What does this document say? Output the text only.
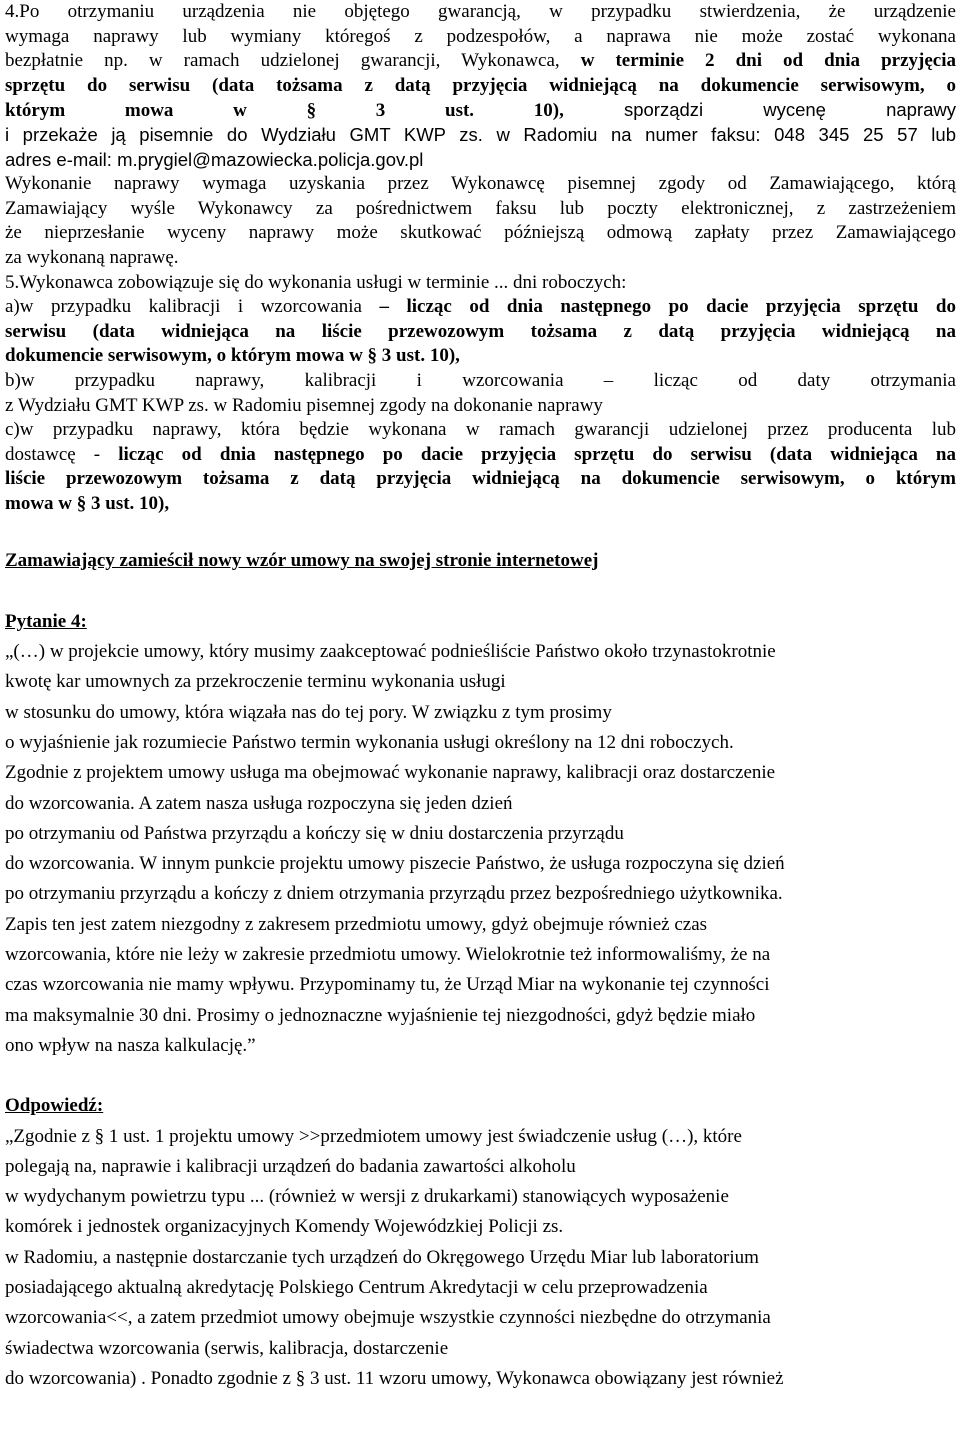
4.Po otrzymaniu urządzenia nie objętego gwarancją, w przypadku stwierdzenia, że urządzenie
wymaga naprawy lub wymiany któregoś z podzespołów, a naprawa nie może zostać wykonana
bezpłatnie np. w ramach udzielonej gwarancji, Wykonawca, w terminie 2 dni od dnia przyjęcia
sprzętu do serwisu (data tożsama z datą przyjęcia widniejącą na dokumencie serwisowym, o
którym mowa w § 3 ust. 10), sporządzi wycenę naprawy
i przekaże ją pisemnie do Wydziału GMT KWP zs. w Radomiu na numer faksu: 048 345 25 57 lub
adres e-mail: m.prygiel@mazowiecka.policja.gov.pl
Wykonanie naprawy wymaga uzyskania przez Wykonawcę pisemnej zgody od Zamawiającego, którą
Zamawiający wyśle Wykonawcy za pośrednictwem faksu lub poczty elektronicznej, z zastrzeżeniem
że nieprzesłanie wyceny naprawy może skutkować późniejszą odmową zapłaty przez Zamawiającego
za wykonaną naprawę.
5.Wykonawca zobowiązuje się do wykonania usługi w terminie ... dni roboczych:
a)w przypadku kalibracji i wzorcowania – licząc od dnia następnego po dacie przyjęcia sprzętu do
serwisu (data widniejąca na liście przewozowym tożsama z datą przyjęcia widniejącą na
dokumencie serwisowym, o którym mowa w § 3 ust. 10),
b)w przypadku naprawy, kalibracji i wzorcowania – licząc od daty otrzymania
z Wydziału GMT KWP zs. w Radomiu pisemnej zgody na dokonanie naprawy
c)w przypadku naprawy, która będzie wykonana w ramach gwarancji udzielonej przez producenta lub
dostawcę - licząc od dnia następnego po dacie przyjęcia sprzętu do serwisu (data widniejąca na
liście przewozowym tożsama z datą przyjęcia widniejącą na dokumencie serwisowym, o którym
mowa w § 3 ust. 10),
Zamawiający zamieścił nowy wzór umowy na swojej stronie internetowej
Pytanie 4:
„(…) w projekcie umowy, który musimy zaakceptować podnieśliście Państwo około trzynastokrotnie
kwotę kar umownych za przekroczenie terminu wykonania usługi
w stosunku do umowy, która wiązała nas do tej pory. W związku z tym prosimy
o wyjaśnienie jak rozumiecie Państwo termin wykonania usługi określony na 12 dni roboczych.
Zgodnie z projektem umowy usługa ma obejmować wykonanie naprawy, kalibracji oraz dostarczenie
do wzorcowania. A zatem nasza usługa rozpoczyna się jeden dzień
po otrzymaniu od Państwa przyrządu a kończy się w dniu dostarczenia przyrządu
do wzorcowania. W innym punkcie projektu umowy piszecie Państwo, że usługa rozpoczyna się dzień
po otrzymaniu przyrządu a kończy z dniem otrzymania przyrządu przez bezpośredniego użytkownika.
Zapis ten jest zatem niezgodny z zakresem przedmiotu umowy, gdyż obejmuje również czas
wzorcowania, które nie leży w zakresie przedmiotu umowy. Wielokrotnie też informowaliśmy, że na
czas wzorcowania nie mamy wpływu. Przypominamy tu, że Urząd Miar na wykonanie tej czynności
ma maksymalnie 30 dni. Prosimy o jednoznaczne wyjaśnienie tej niezgodności, gdyż będzie miało
ono wpływ na nasza kalkulację.”
Odpowiedź:
„Zgodnie z § 1 ust. 1 projektu umowy >>przedmiotem umowy jest świadczenie usług (…), które
polegają na, naprawie i kalibracji urządzeń do badania zawartości alkoholu
w wydychanym powietrzu typu ... (również w wersji z drukarkami) stanowiących wyposażenie
komórek i jednostek organizacyjnych Komendy Wojewódzkiej Policji zs.
w Radomiu, a następnie dostarczanie tych urządzeń do Okręgowego Urzędu Miar lub laboratorium
posiadającego aktualną akredytację Polskiego Centrum Akredytacji w celu przeprowadzenia
wzorcowania<<, a zatem przedmiot umowy obejmuje wszystkie czynności niezbędne do otrzymania
świadectwa wzorcowania (serwis, kalibracja, dostarczenie
do wzorcowania) . Ponadto zgodnie z § 3 ust. 11 wzoru umowy, Wykonawca obowiązany jest również
